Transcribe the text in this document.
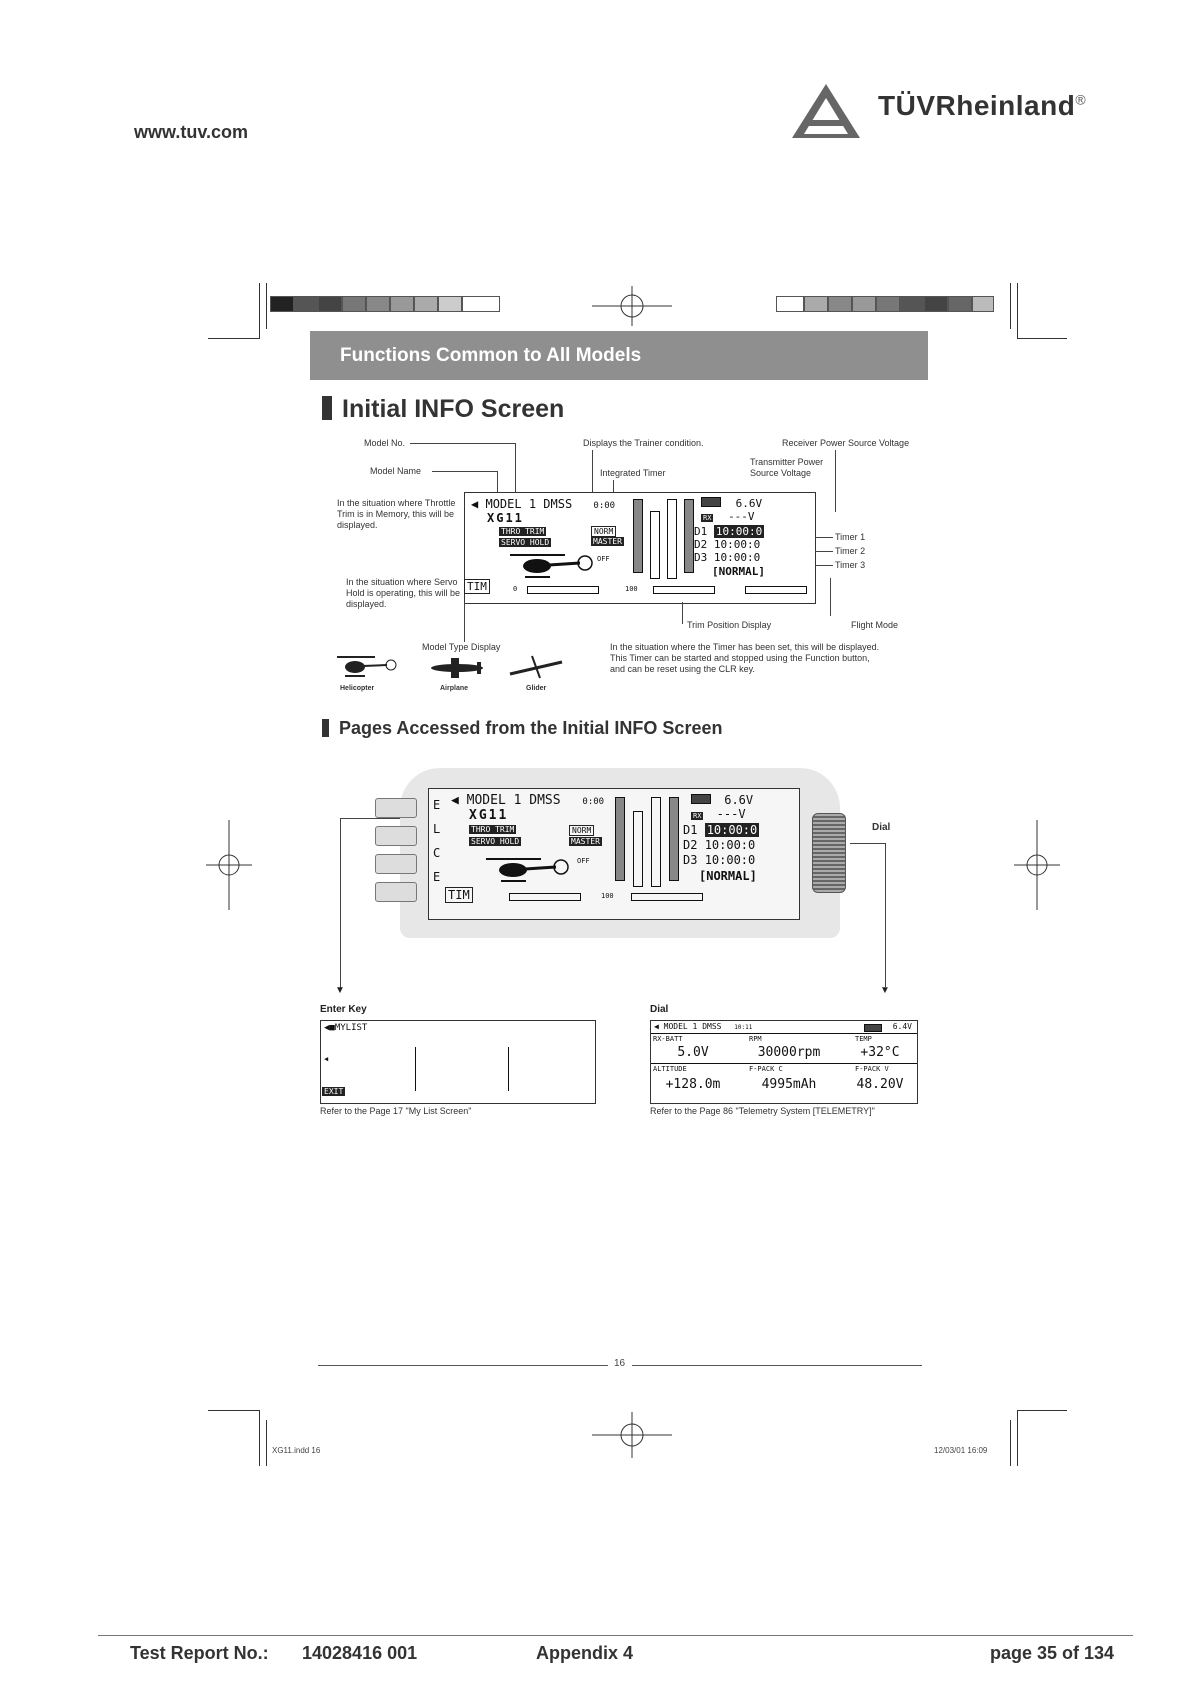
www.tuv.com
TÜVRheinland®
Functions Common to All Models
Initial INFO Screen
Model No.
Model Name
In the situation where Throttle Trim is in Memory, this will be displayed.
In the situation where Servo Hold is operating, this will be displayed.
Displays the Trainer condition.
Integrated Timer
Receiver Power Source Voltage
Transmitter Power Source Voltage
◀ MODEL 1 DMSS 0:00
XG11
THRO TRIM
SERVO HOLD
NORM
MASTER
OFF
6.6V
RX ---V
D1 10:00:0
D2 10:00:0
D3 10:00:0
[NORMAL]
TIM	0	100
Timer 1
Timer 2
Timer 3
Trim Position Display	Flight Mode
Model Type Display	In the situation where the Timer has been set, this will be displayed. This Timer can be started and stopped using the Function button, and can be reset using the CLR key.
Helicopter	Airplane	Glider
Pages Accessed from the Initial INFO Screen
E
L
C
E
◀ MODEL 1 DMSS 0:00
XG11
THRO TRIM
SERVO HOLD
NORM
MASTER
OFF
6.6V
RX ---V
D1 10:00:0
D2 10:00:0
D3 10:00:0
[NORMAL]
TIM	100
Dial
▼
▼
Enter Key
◀■MYLIST
◀
EXIT
Refer to the Page 17 "My List Screen"
Dial
◀ MODEL 1 DMSS 10:11	6.4V
RX-BATT	RPM	TEMP
5.0V	30000rpm	+32°C
ALTITUDE	F-PACK C	F-PACK V
+128.0m	4995mAh	48.20V
Refer to the Page 86 "Telemetry System [TELEMETRY]"
16
XG11.indd 16	12/03/01 16:09
Test Report No.: 14028416 001	Appendix 4	page 35 of 134
